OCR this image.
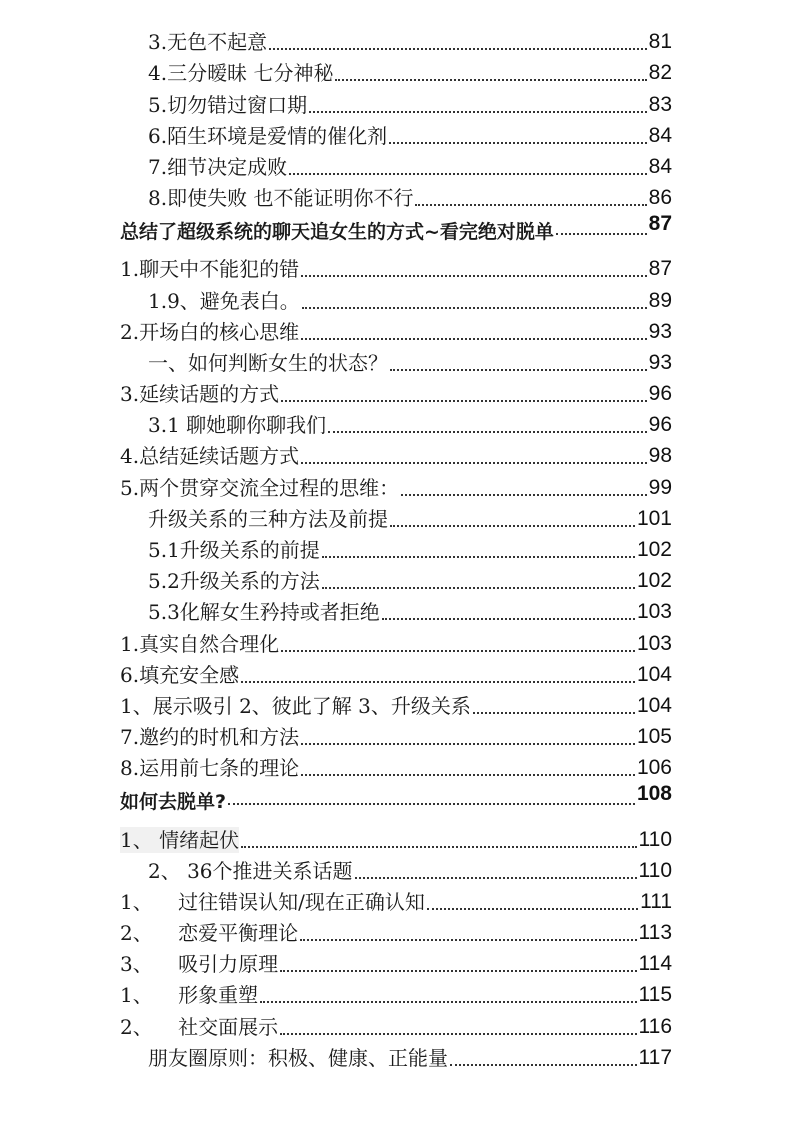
3.无色不起意	81
4.三分暧昧 七分神秘	82
5.切勿错过窗口期	83
6.陌生环境是爱情的催化剂	84
7.细节决定成败	84
8.即使失败 也不能证明你不行	86
总结了超级系统的聊天追女生的方式~看完绝对脱单	87
1.聊天中不能犯的错	87
1.9、避免表白。	89
2.开场白的核心思维	93
一、如何判断女生的状态？	93
3.延续话题的方式	96
3.1 聊她聊你聊我们	96
4.总结延续话题方式	98
5.两个贯穿交流全过程的思维：	99
升级关系的三种方法及前提	101
5.1升级关系的前提	102
5.2升级关系的方法	102
5.3化解女生矜持或者拒绝	103
1.真实自然合理化	103
6.填充安全感	104
1、展示吸引 2、彼此了解 3、升级关系	104
7.邀约的时机和方法	105
8.运用前七条的理论	106
如何去脱单?	108
1、 情绪起伏	110
2、 36个推进关系话题	110
1、    过往错误认知/现在正确认知	111
2、    恋爱平衡理论	113
3、    吸引力原理	114
1、    形象重塑	115
2、    社交面展示	116
朋友圈原则：积极、健康、正能量	117
